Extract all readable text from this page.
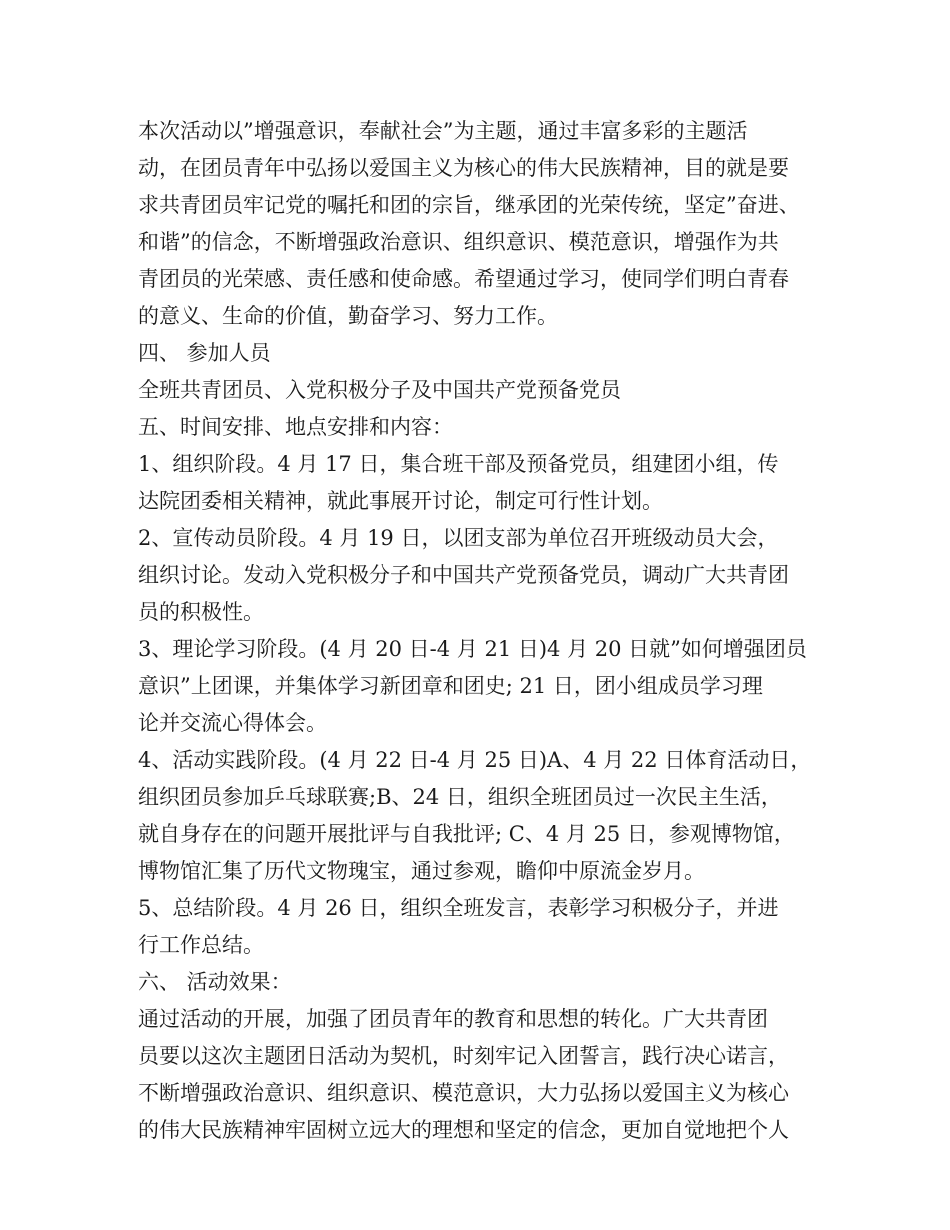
本次活动以”增强意识，奉献社会”为主题，通过丰富多彩的主题活
动，在团员青年中弘扬以爱国主义为核心的伟大民族精神，目的就是要
求共青团员牢记党的嘱托和团的宗旨，继承团的光荣传统，坚定”奋进、
和谐”的信念，不断增强政治意识、组织意识、模范意识，增强作为共
青团员的光荣感、责任感和使命感。希望通过学习，使同学们明白青春
的意义、生命的价值，勤奋学习、努力工作。
四、 参加人员
全班共青团员、入党积极分子及中国共产党预备党员
五、时间安排、地点安排和内容：
1、组织阶段。4 月 17 日，集合班干部及预备党员，组建团小组，传
达院团委相关精神，就此事展开讨论，制定可行性计划。
2、宣传动员阶段。4 月 19 日，以团支部为单位召开班级动员大会，
组织讨论。发动入党积极分子和中国共产党预备党员，调动广大共青团
员的积极性。
3、理论学习阶段。(4 月 20 日-4 月 21 日)4 月 20 日就”如何增强团员
意识”上团课，并集体学习新团章和团史; 21 日，团小组成员学习理
论并交流心得体会。
4、活动实践阶段。(4 月 22 日-4 月 25 日)A、4 月 22 日体育活动日，
组织团员参加乒乓球联赛;B、24 日，组织全班团员过一次民主生活，
就自身存在的问题开展批评与自我批评; C、4 月 25 日，参观博物馆，
博物馆汇集了历代文物瑰宝，通过参观，瞻仰中原流金岁月。
5、总结阶段。4 月 26 日，组织全班发言，表彰学习积极分子，并进
行工作总结。
六、 活动效果：
通过活动的开展，加强了团员青年的教育和思想的转化。广大共青团
员要以这次主题团日活动为契机，时刻牢记入团誓言，践行决心诺言，
不断增强政治意识、组织意识、模范意识，大力弘扬以爱国主义为核心
的伟大民族精神牢固树立远大的理想和坚定的信念，更加自觉地把个人
